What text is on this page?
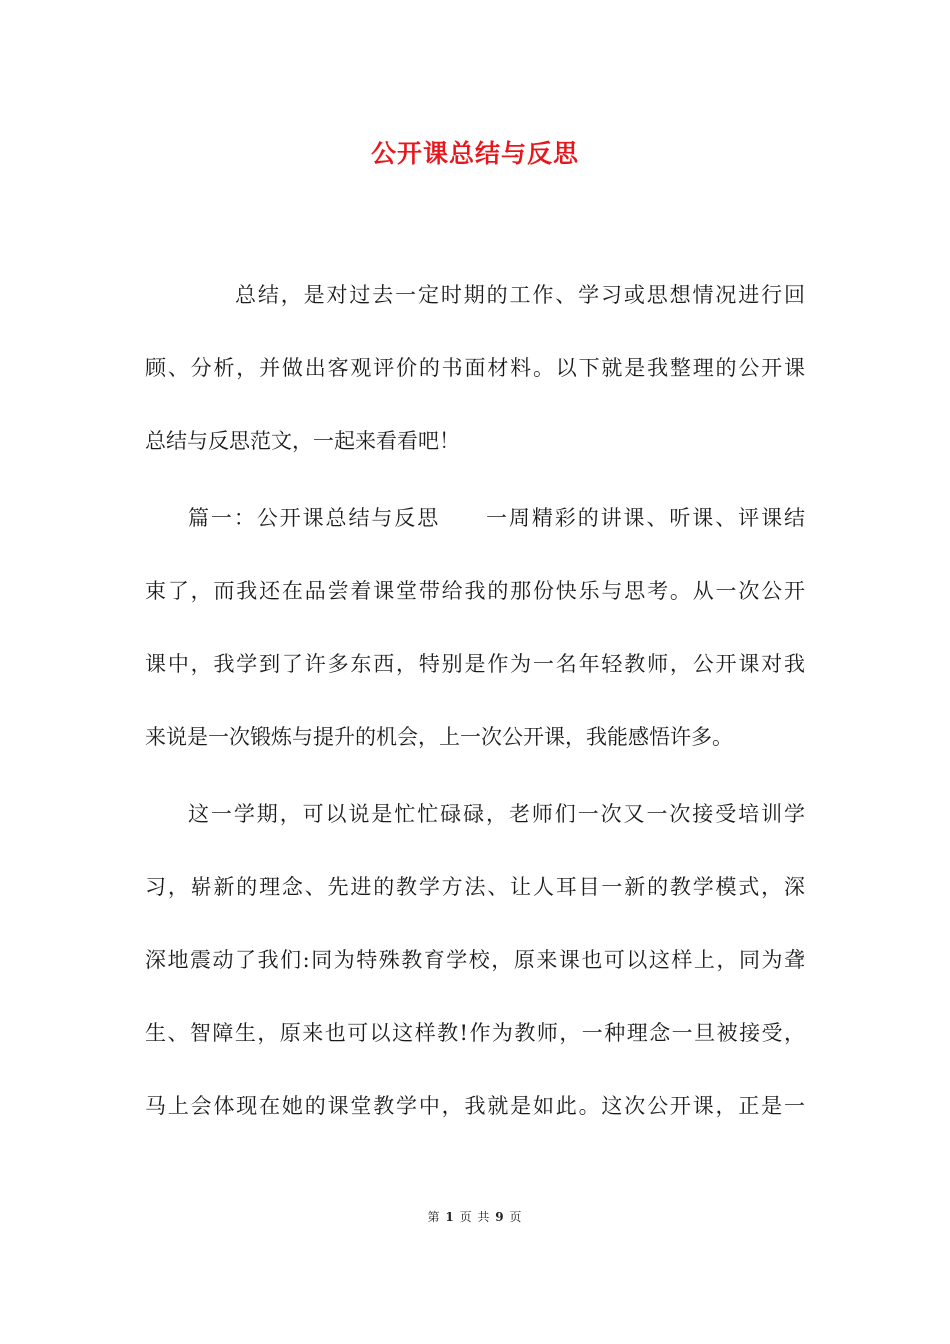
公开课总结与反思
总结，是对过去一定时期的工作、学习或思想情况进行回
顾、分析，并做出客观评价的书面材料。以下就是我整理的公开课
总结与反思范文，一起来看看吧！
篇一：公开课总结与反思　　一周精彩的讲课、听课、评课结
束了，而我还在品尝着课堂带给我的那份快乐与思考。从一次公开
课中，我学到了许多东西，特别是作为一名年轻教师，公开课对我
来说是一次锻炼与提升的机会，上一次公开课，我能感悟许多。
这一学期，可以说是忙忙碌碌，老师们一次又一次接受培训学
习，崭新的理念、先进的教学方法、让人耳目一新的教学模式，深
深地震动了我们:同为特殊教育学校，原来课也可以这样上，同为聋
生、智障生，原来也可以这样教!作为教师，一种理念一旦被接受，
马上会体现在她的课堂教学中，我就是如此。这次公开课，正是一
第 1 页 共 9 页
